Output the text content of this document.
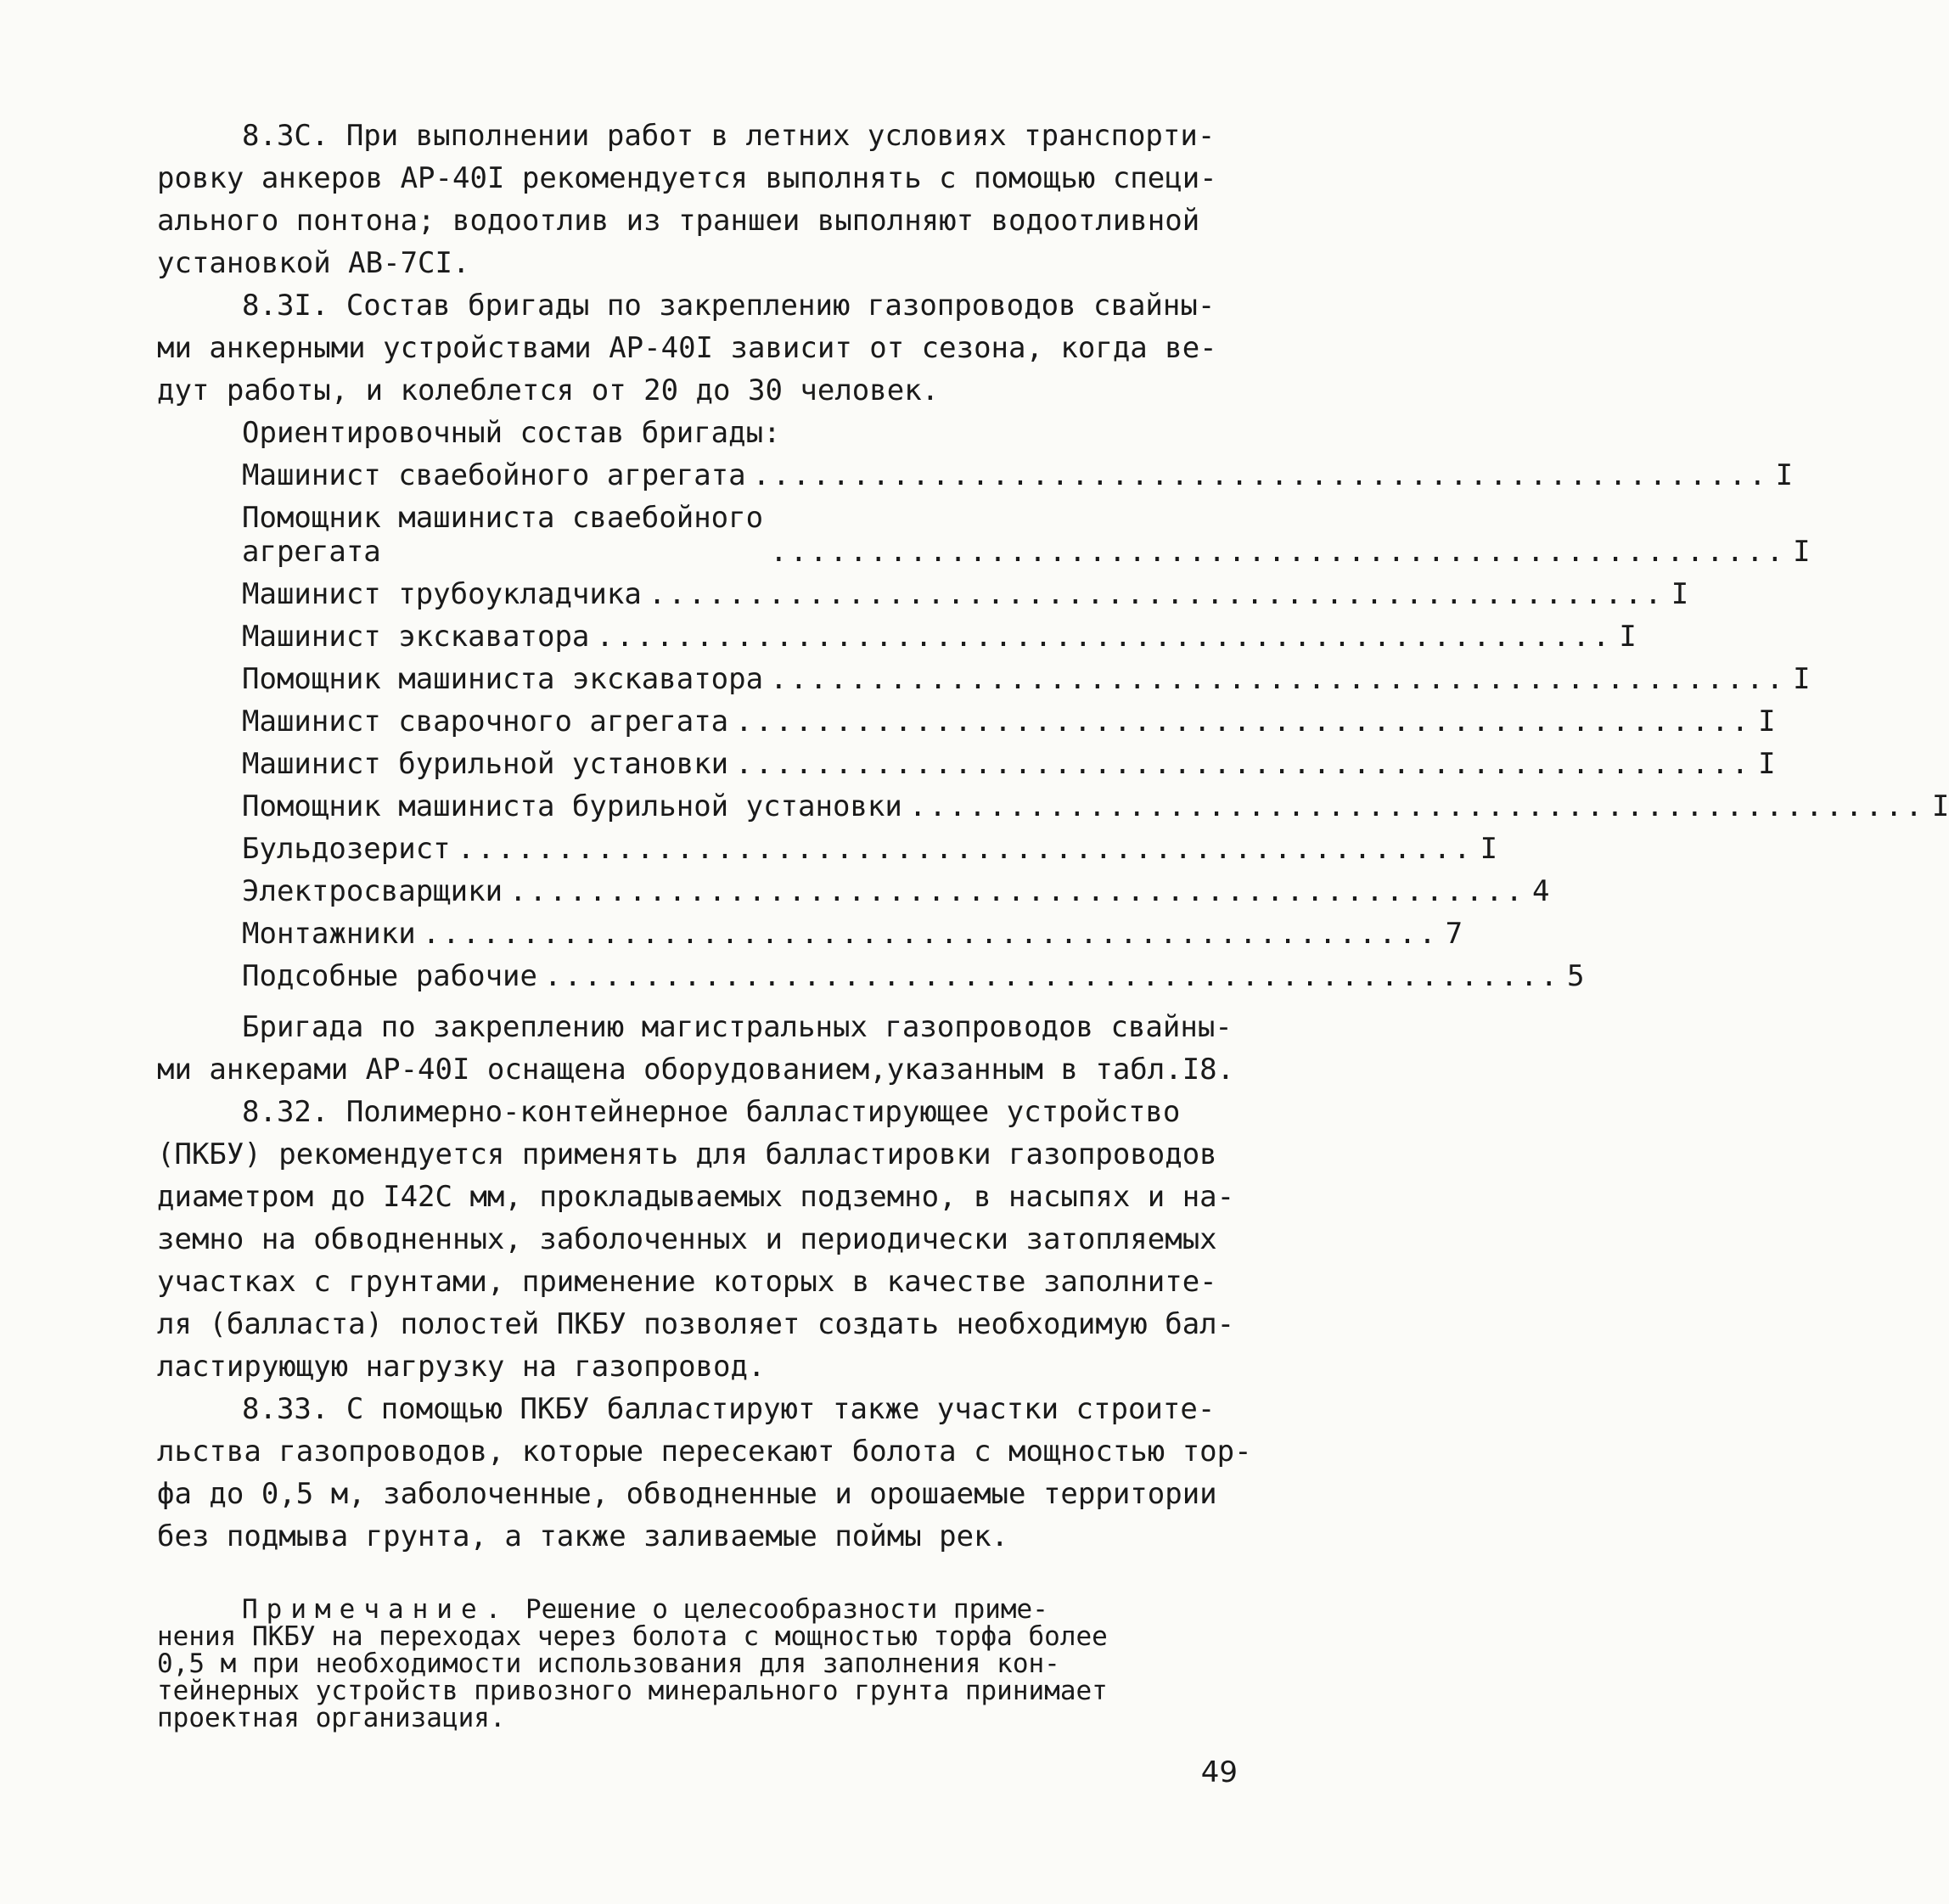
8.3C. При выполнении работ в летних условиях транспорти-
ровку анкеров АР-40I рекомендуется выполнять с помощью специ-
ального понтона; водоотлив из траншеи выполняют водоотливной
установкой АВ-7CI.
8.3I. Состав бригады по закреплению газопроводов свайны-
ми анкерными устройствами АР-40I зависит от сезона, когда ве-
дут работы, и колеблется от 20 до 30 человек.
Ориентировочный состав бригады:
Машинист сваебойного агрегата ................................................... I
Помощник машиниста сваебойного
агрегата	................................................... I
Машинист трубоукладчика ................................................... I
Машинист экскаватора ................................................... I
Помощник машиниста экскаватора ................................................... I
Машинист сварочного агрегата ................................................... I
Машинист бурильной установки ................................................... I
Помощник машиниста бурильной установки ................................................... I
Бульдозерист ................................................... I
Электросварщики ................................................... 4
Монтажники ................................................... 7
Подсобные рабочие ................................................... 5
Бригада по закреплению магистральных газопроводов свайны-
ми анкерами АР-40I оснащена оборудованием,указанным в табл.I8.
8.32. Полимерно-контейнерное балластирующее устройство
(ПКБУ) рекомендуется применять для балластировки газопроводов
диаметром до I42C мм, прокладываемых подземно, в насыпях и на-
земно на обводненных, заболоченных и периодически затопляемых
участках с грунтами, применение которых в качестве заполните-
ля (балласта) полостей ПКБУ позволяет создать необходимую бал-
ластирующую нагрузку на газопровод.
8.33. С помощью ПКБУ балластируют также участки строите-
льства газопроводов, которые пересекают болота с мощностью тор-
фа до 0,5 м, заболоченные, обводненные и орошаемые территории
без подмыва грунта, а также заливаемые поймы рек.
Примечание. Решение о целесообразности приме-
нения ПКБУ на переходах через болота с мощностью торфа более
0,5 м при необходимости использования для заполнения кон-
тейнерных устройств привозного минерального грунта принимает
проектная организация.
49
